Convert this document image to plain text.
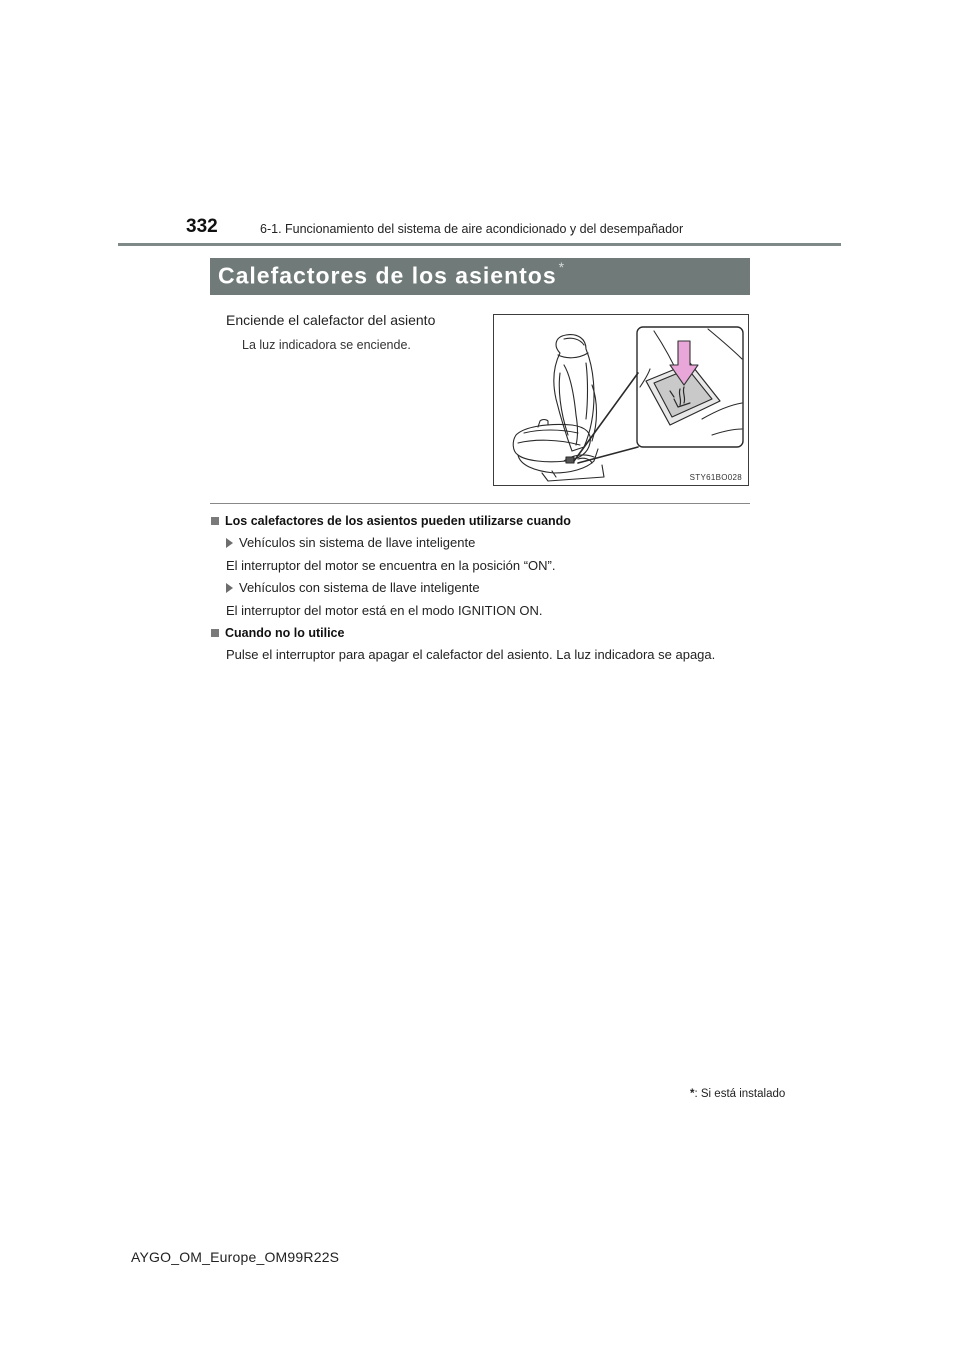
332	6-1. Funcionamiento del sistema de aire acondicionado y del desempañador
Calefactores de los asientos *
Enciende el calefactor del asiento
La luz indicadora se enciende.
STY61BO028
Los calefactores de los asientos pueden utilizarse cuando
Vehículos sin sistema de llave inteligente
El interruptor del motor se encuentra en la posición “ON”.
Vehículos con sistema de llave inteligente
El interruptor del motor está en el modo IGNITION ON.
Cuando no lo utilice
Pulse el interruptor para apagar el calefactor del asiento. La luz indicadora se apaga.
*: Si está instalado
AYGO_OM_Europe_OM99R22S
